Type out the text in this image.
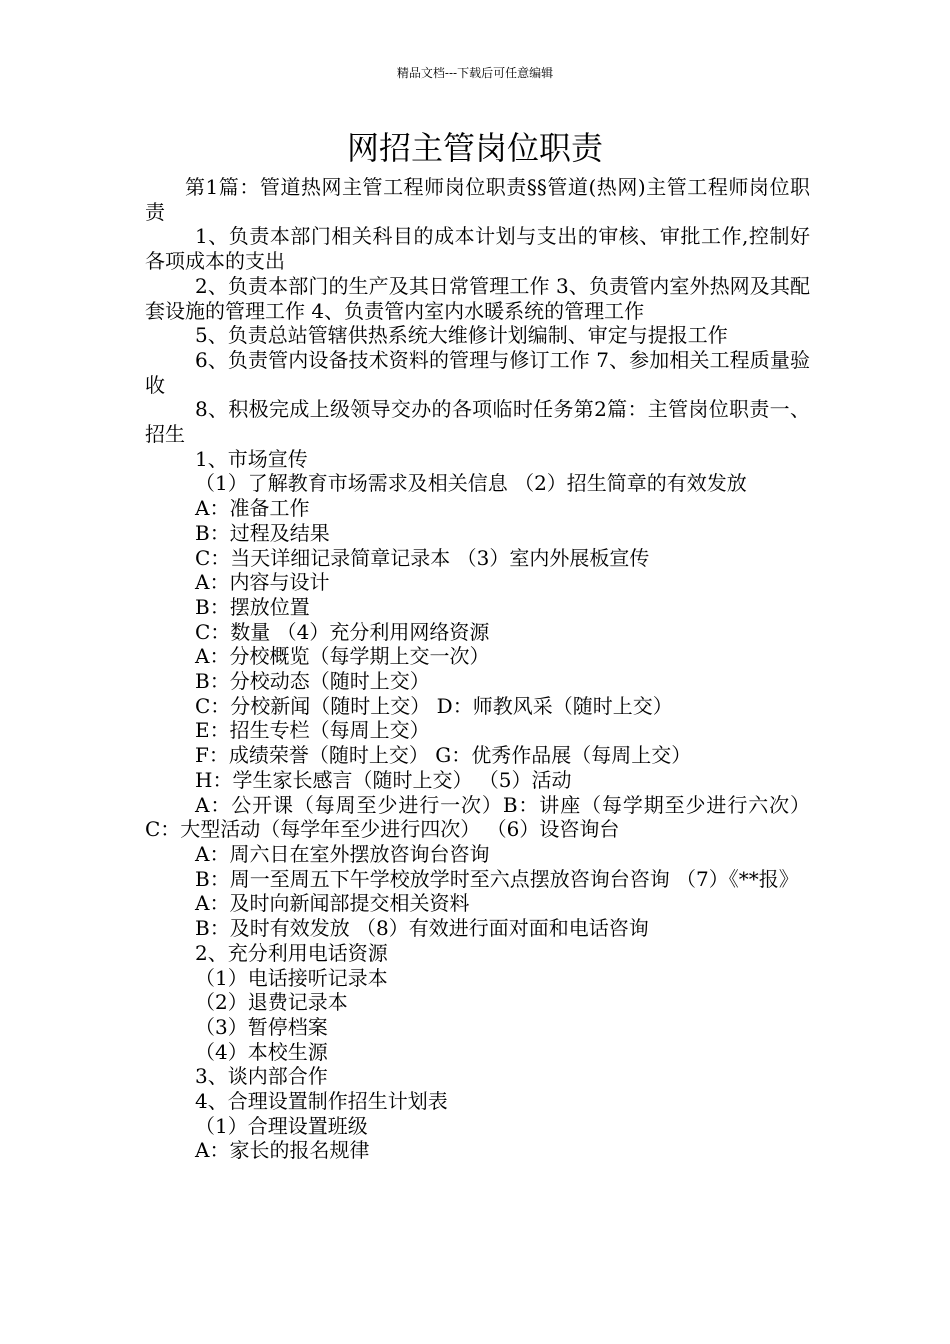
精品文档---下载后可任意编辑
网招主管岗位职责

第1篇：管道热网主管工程师岗位职责§§管道(热网)主管工程师岗位职责

1、负责本部门相关科目的成本计划与支出的审核、审批工作,控制好各项成本的支出

2、负责本部门的生产及其日常管理工作 3、负责管内室外热网及其配套设施的管理工作 4、负责管内室内水暖系统的管理工作

5、负责总站管辖供热系统大维修计划编制、审定与提报工作

6、负责管内设备技术资料的管理与修订工作 7、参加相关工程质量验收

8、积极完成上级领导交办的各项临时任务第2篇：主管岗位职责一、招生

1、市场宣传

（1）了解教育市场需求及相关信息 （2）招生简章的有效发放

A：准备工作

B：过程及结果

C：当天详细记录简章记录本 （3）室内外展板宣传

A：内容与设计

B：摆放位置

C：数量 （4）充分利用网络资源

A：分校概览（每学期上交一次）

B：分校动态（随时上交）

C：分校新闻（随时上交） D：师教风采（随时上交）

E：招生专栏（每周上交）

F：成绩荣誉（随时上交） G：优秀作品展（每周上交）

H：学生家长感言（随时上交） （5）活动

A：公开课（每周至少进行一次）B：讲座（每学期至少进行六次）C：大型活动（每学年至少进行四次） （6）设咨询台

A：周六日在室外摆放咨询台咨询

B：周一至周五下午学校放学时至六点摆放咨询台咨询 （7）《**报》

A：及时向新闻部提交相关资料

B：及时有效发放 （8）有效进行面对面和电话咨询

2、充分利用电话资源

（1）电话接听记录本

（2）退费记录本

（3）暂停档案

（4）本校生源

3、谈内部合作

4、合理设置制作招生计划表

（1）合理设置班级

A：家长的报名规律
